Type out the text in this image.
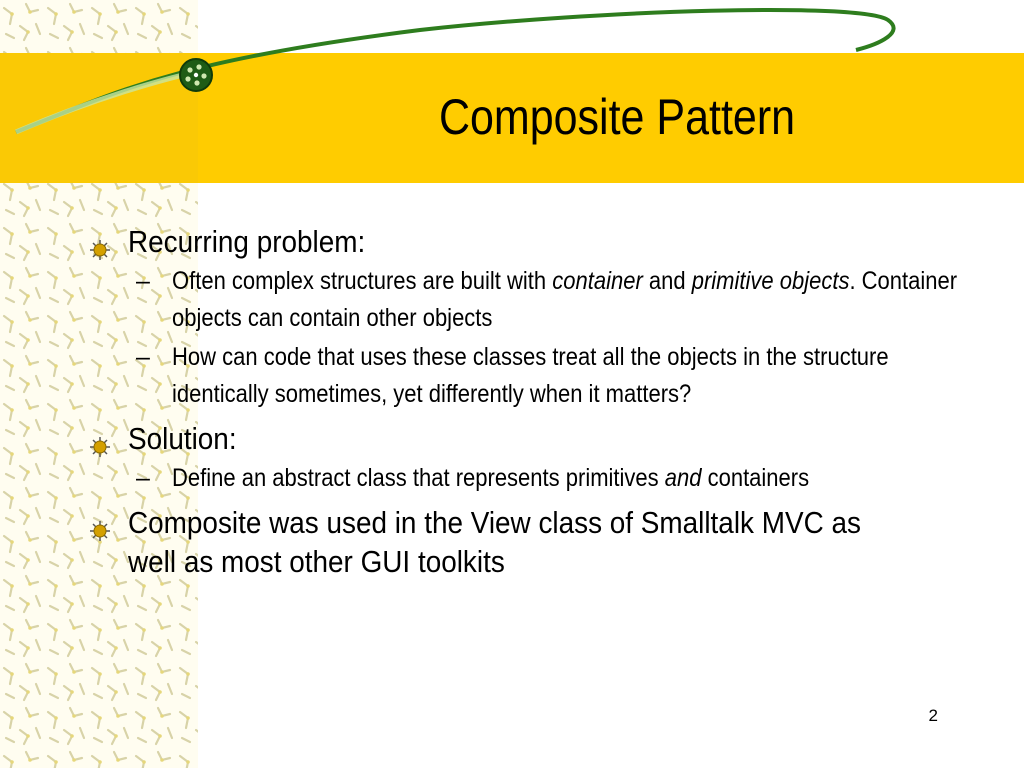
Composite Pattern
Recurring problem:
– Often complex structures are built with container and primitive objects. Container objects can contain other objects
– How can code that uses these classes treat all the objects in the structure identically sometimes, yet differently when it matters?
Solution:
– Define an abstract class that represents primitives and containers
Composite was used in the View class of Smalltalk MVC as well as most other GUI toolkits
2
